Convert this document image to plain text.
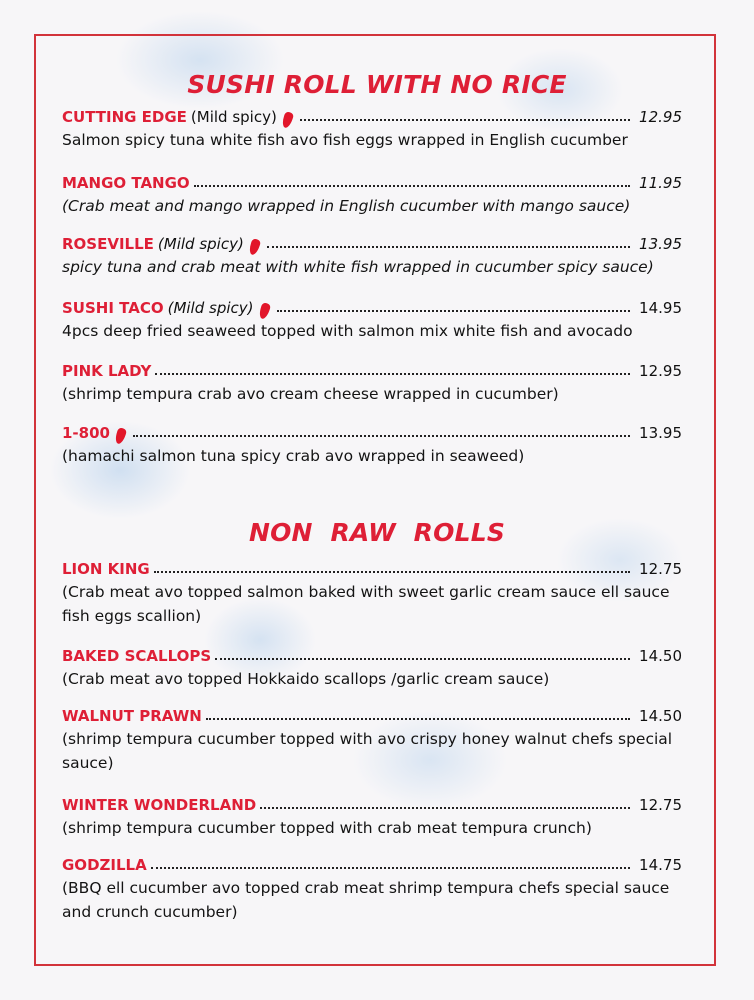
SUSHI ROLL WITH NO RICE
CUTTING EDGE (Mild spicy)	12.95
Salmon spicy tuna white fish avo fish eggs wrapped in English cucumber
MANGO TANGO	11.95
(Crab meat and mango wrapped in English cucumber with mango sauce)
ROSEVILLE (Mild spicy)	13.95
spicy tuna and crab meat with white fish wrapped in cucumber spicy sauce)
SUSHI TACO (Mild spicy)	14.95
4pcs deep fried seaweed topped with salmon mix white fish and avocado
PINK LADY	12.95
(shrimp tempura crab avo cream cheese wrapped in cucumber)
1-800	13.95
(hamachi salmon tuna spicy crab avo wrapped in seaweed)
NON  RAW  ROLLS
LION KING	12.75
(Crab meat avo topped salmon baked with sweet garlic cream sauce ell sauce fish eggs scallion)
BAKED SCALLOPS	14.50
(Crab meat avo topped Hokkaido scallops /garlic cream sauce)
WALNUT PRAWN	14.50
(shrimp tempura cucumber topped with avo crispy honey walnut chefs special sauce)
WINTER WONDERLAND	12.75
(shrimp tempura cucumber topped with crab meat tempura crunch)
GODZILLA	14.75
(BBQ ell cucumber avo topped crab meat shrimp tempura chefs special sauce and crunch cucumber)
